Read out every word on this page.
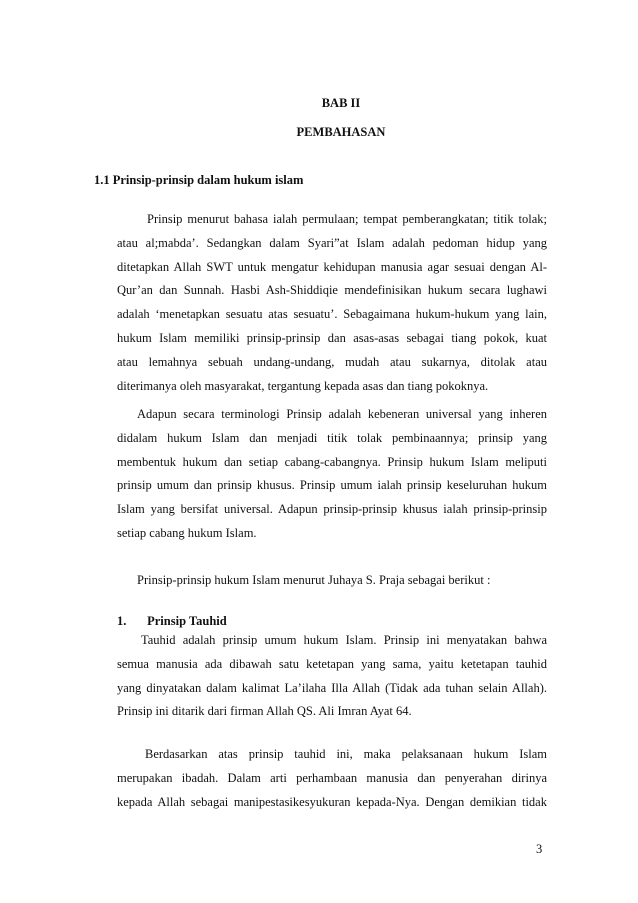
BAB II
PEMBAHASAN
1.1 Prinsip-prinsip dalam hukum islam
Prinsip menurut bahasa ialah permulaan; tempat pemberangkatan; titik tolak;
atau al;mabda’. Sedangkan dalam Syari”at Islam adalah pedoman hidup yang
ditetapkan Allah SWT untuk mengatur kehidupan manusia agar sesuai dengan Al-
Qur’an dan Sunnah. Hasbi Ash-Shiddiqie mendefinisikan hukum secara lughawi
adalah ‘menetapkan sesuatu atas sesuatu’. Sebagaimana hukum-hukum yang lain,
hukum Islam memiliki prinsip-prinsip dan asas-asas sebagai tiang pokok, kuat
atau lemahnya sebuah undang-undang, mudah atau sukarnya, ditolak atau
diterimanya oleh masyarakat, tergantung kepada asas dan tiang pokoknya.
Adapun secara terminologi Prinsip adalah kebeneran universal yang inheren
didalam hukum Islam dan menjadi titik tolak pembinaannya; prinsip yang
membentuk hukum dan setiap cabang-cabangnya. Prinsip hukum Islam meliputi
prinsip umum dan prinsip khusus. Prinsip umum ialah prinsip keseluruhan hukum
Islam yang bersifat universal. Adapun prinsip-prinsip khusus ialah prinsip-prinsip
setiap cabang hukum Islam.
Prinsip-prinsip hukum Islam menurut Juhaya S. Praja sebagai berikut :
1. Prinsip Tauhid
Tauhid adalah prinsip umum hukum Islam. Prinsip ini menyatakan bahwa
semua manusia ada dibawah satu ketetapan yang sama, yaitu ketetapan tauhid
yang dinyatakan dalam kalimat La’ilaha Illa Allah (Tidak ada tuhan selain Allah).
Prinsip ini ditarik dari firman Allah QS. Ali Imran Ayat 64.
Berdasarkan atas prinsip tauhid ini, maka pelaksanaan hukum Islam
merupakan ibadah. Dalam arti perhambaan manusia dan penyerahan dirinya
kepada Allah sebagai manipestasikesyukuran kepada-Nya. Dengan demikian tidak
3
